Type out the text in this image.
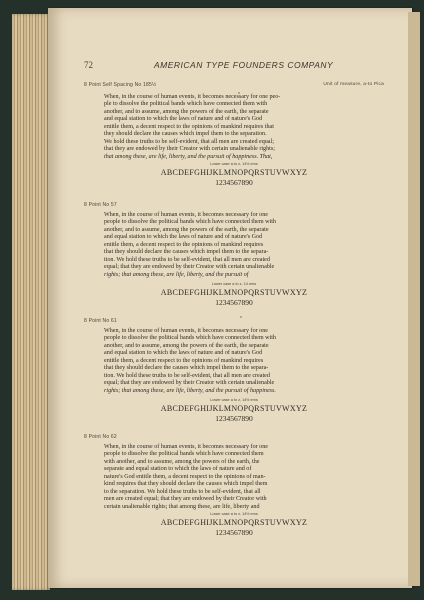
72	AMERICAN TYPE FOUNDERS COMPANY
8 Point Self Spacing No 185½	Unit of measure, a-to Pica
When, in the course of human events, it becomes necessary for one peo-
ple to dissolve the political bands which have connected them with
another, and to assume, among the powers of the earth, the separate
and equal station to which the laws of nature and of nature's God
entitle them, a decent respect to the opinions of mankind requires that
they should declare the causes which impel them to the separation.
We hold these truths to be self-evident, that all men are created equal;
that they are endowed by their Creator with certain unalienable rights;
that among these, are life, liberty, and the pursuit of happiness. That,
Lower case a to z, 14½ ems
ABCDEFGHIJKLMNOPQRSTUVWXYZ
1234567890
8 Point No 57
When, in the course of human events, it becomes necessary for one
people to dissolve the political bands which have connected them with
another, and to assume, among the powers of the earth, the separate
and equal station to which the laws of nature and of nature's God
entitle them, a decent respect to the opinions of mankind requires
that they should declare the causes which impel them to the separa-
tion. We hold these truths to be self-evident, that all men are created
equal; that they are endowed by their Creator with certain unalienable
rights; that among these, are life, liberty, and the pursuit of
Lower case a to z, 14 ems
ABCDEFGHIJKLMNOPQRSTUVWXYZ
1234567890
8 Point No 61
When, in the course of human events, it becomes necessary for one
people to dissolve the political bands which have connected them with
another, and to assume, among the powers of the earth, the separate
and equal station to which the laws of nature and of nature's God
entitle them, a decent respect to the opinions of mankind requires
that they should declare the causes which impel them to the separa-
tion. We hold these truths to be self-evident, that all men are created
equal; that they are endowed by their Creator with certain unalienable
rights; that among these, are life, liberty, and the pursuit of happiness.
Lower case a to z, 14½ ems
ABCDEFGHIJKLMNOPQRSTUVWXYZ
1234567890
8 Point No 62
When, in the course of human events, it becomes necessary for one
people to dissolve the political bands which have connected them
with another, and to assume, among the powers of the earth, the
separate and equal station to which the laws of nature and of
nature's God entitle them, a decent respect to the opinions of man-
kind requires that they should declare the causes which impel them
to the separation. We hold these truths to be self-evident, that all
men are created equal; that they are endowed by their Creator with
certain unalienable rights; that among these, are life, liberty and
Lower case a to z, 14½ ems
ABCDEFGHIJKLMNOPQRSTUVWXYZ
1234567890
